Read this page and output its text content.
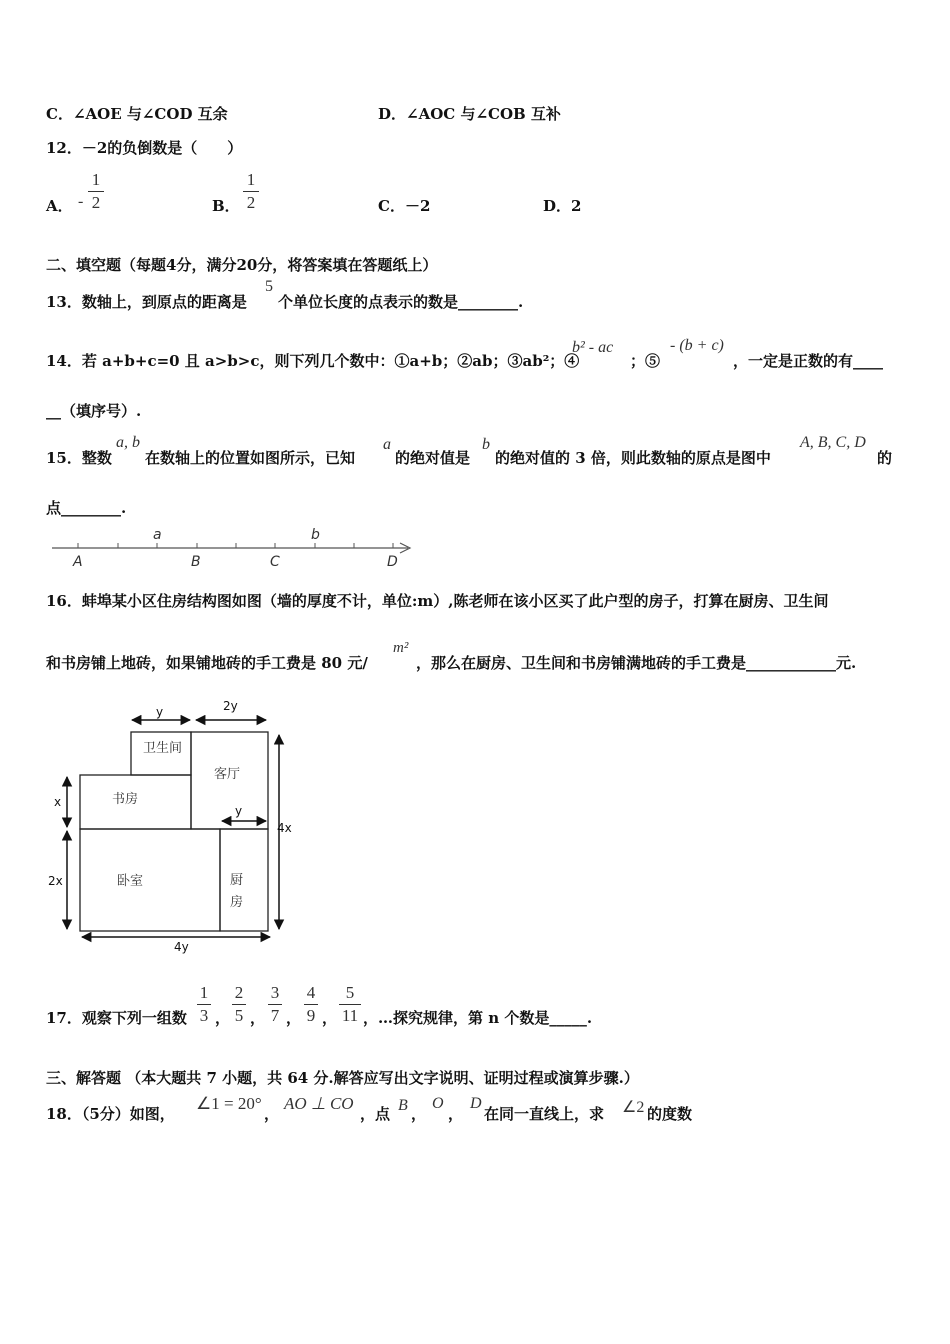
C．∠AOE 与∠COD 互余	D．∠AOC 与∠COB 互补
12．－2的负倒数是（　　）
A． -
1
2	B．
1
2	C．－2	D．2
二、填空题（每题4分，满分20分，将答案填在答题纸上）
13．数轴上，到原点的距离是
5
个单位长度的点表示的数是________.
14．若 a+b+c=0 且 a>b>c，则下列几个数中：①a+b；②ab；③ab²；④
b² - ac
；⑤
- (b + c)
，一定是正数的有____
__（填序号）.
15．整数
a, b
在数轴上的位置如图所示，已知
a
的绝对值是
b
的绝对值的 3 倍，则此数轴的原点是图中
A, B, C, D
的
点________.
A	B	C	D
a	b
16．蚌埠某小区住房结构图如图（墙的厚度不计，单位:m）,陈老师在该小区买了此户型的房子，打算在厨房、卫生间
和书房铺上地砖，如果铺地砖的手工费是 80 元/
m²
，那么在厨房、卫生间和书房铺满地砖的手工费是____________元.
卫生间
客厅
书房
卧室	厨
房
y	2y
x
2x
4x
y
4y
17．观察下列一组数
1
3 ，
2
5 ，
3
7 ，
4
9 ，
5
11 ，…探究规律，第 n 个数是_____.
三、解答题 （本大题共 7 小题，共 64 分.解答应写出文字说明、证明过程或演算步骤.）
18．（5分）如图，
∠1 = 20°
，
AO ⊥ CO
，点 B ，
O
，
D
在同一直线上，求 ∠2 的度数
